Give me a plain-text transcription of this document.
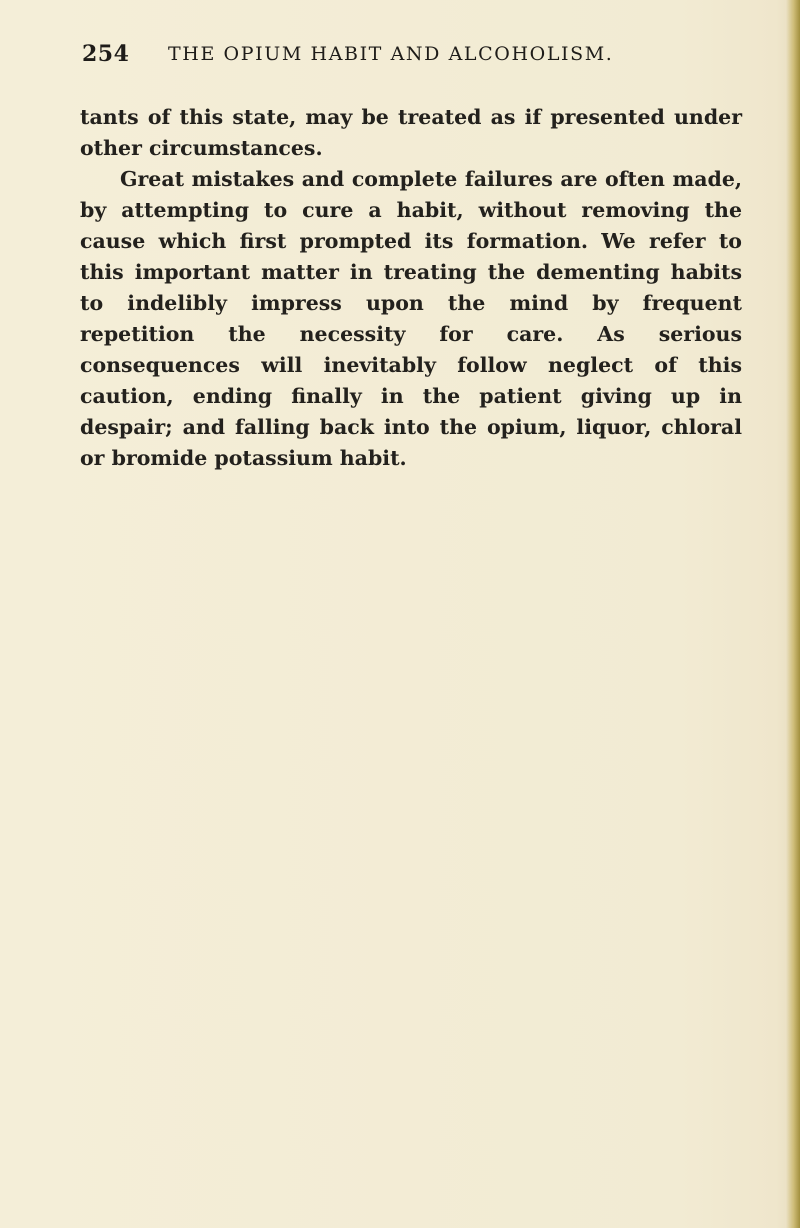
254 THE OPIUM HABIT AND ALCOHOLISM.

tants of this state, may be treated as if presented under other circumstances.

Great mistakes and complete failures are often made, by attempting to cure a habit, without removing the cause which first prompted its formation. We refer to this important matter in treating the dementing habits to indelibly impress upon the mind by frequent repetition the necessity for care. As serious consequences will inevitably follow neglect of this caution, ending finally in the patient giving up in despair; and falling back into the opium, liquor, chloral or bromide potassium habit.
